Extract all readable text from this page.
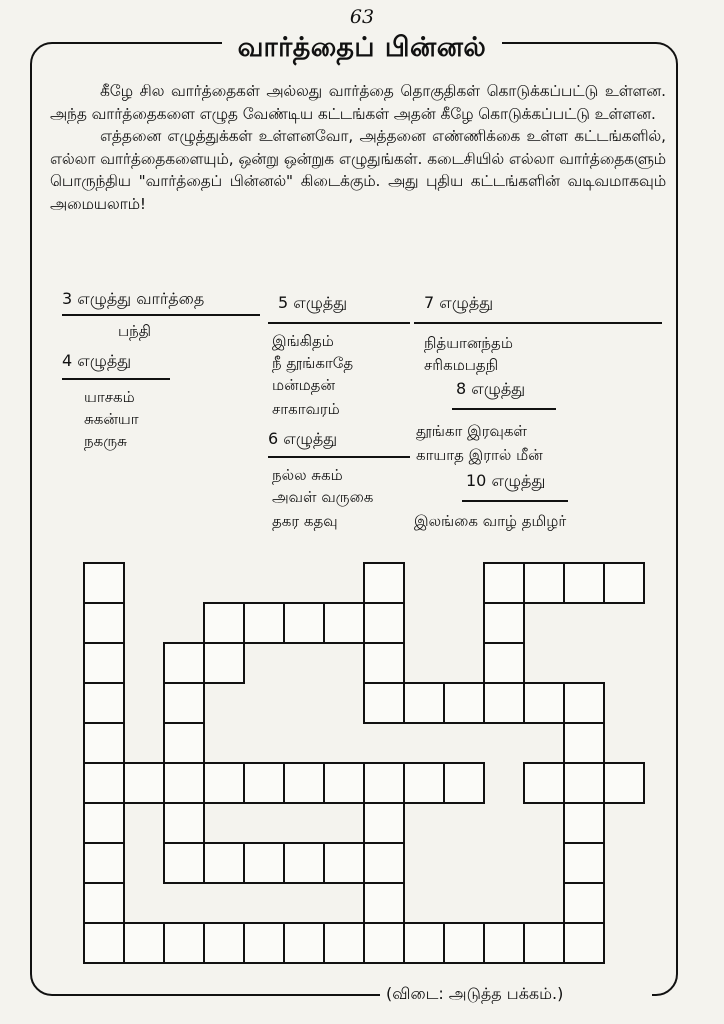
63
வார்த்தைப் பின்னல்

கீழே சில வார்த்தைகள் அல்லது வார்த்தை தொகுதிகள் கொடுக்கப்பட்டு உள்ளன. அந்த வார்த்தைகளை எழுத வேண்டிய கட்டங்கள் அதன் கீழே கொடுக்கப்பட்டு உள்ளன.

எத்தனை எழுத்துக்கள் உள்ளனவோ, அத்தனை எண்ணிக்கை உள்ள கட்டங்களில், எல்லா வார்த்தைகளையும், ஒன்று ஒன்றுக எழுதுங்கள். கடைசியில் எல்லா வார்த்தைகளும் பொருந்திய "வார்த்தைப் பின்னல்" கிடைக்கும். அது புதிய கட்டங்களின் வடிவமாகவும் அமையலாம்!

3 எழுத்து வார்த்தை
பந்தி
4 எழுத்து
யாசகம்
சுகன்யா
நகருசு
5 எழுத்து
இங்கிதம்
நீ தூங்காதே
மன்மதன்
சாகாவரம்
6 எழுத்து
நல்ல சுகம்
அவள் வருகை
தகர கதவு
7 எழுத்து
நித்யானந்தம்
சரிகமபதநி
8 எழுத்து
தூங்கா இரவுகள்
காயாத இரால் மீன்
10 எழுத்து
இலங்கை வாழ் தமிழர்
(விடை: அடுத்த பக்கம்.)
